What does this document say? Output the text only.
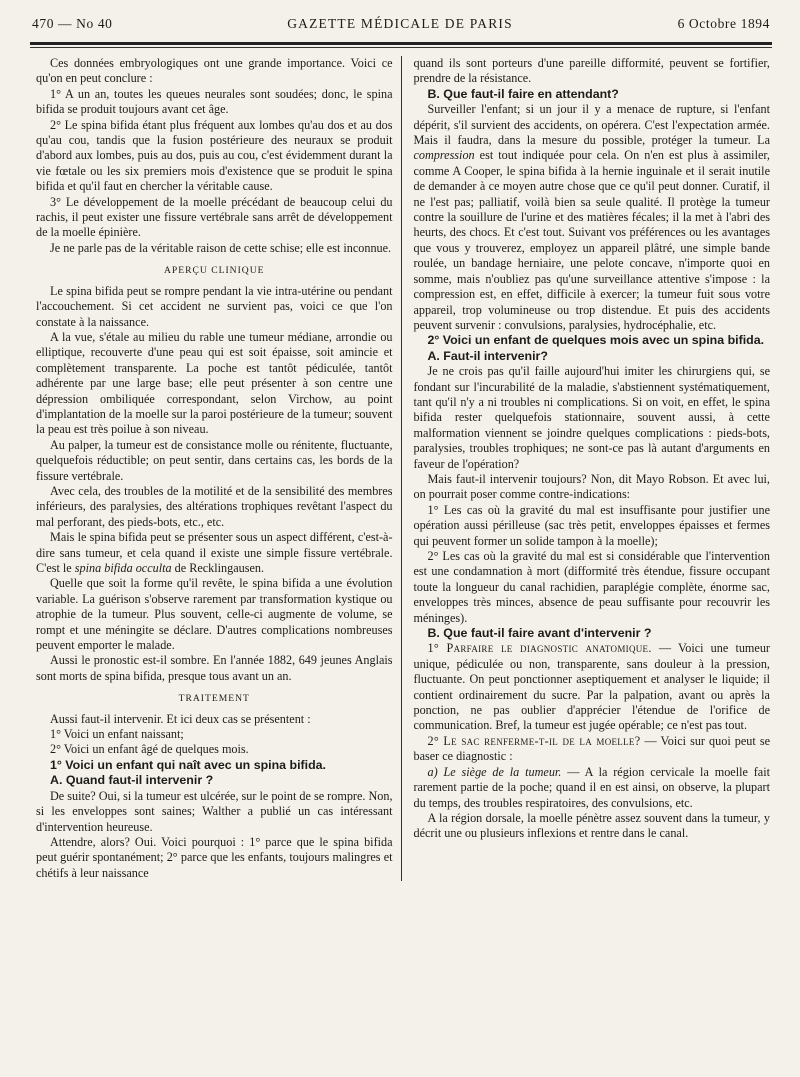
470 — No 40	GAZETTE MÉDICALE DE PARIS	6 Octobre 1894

Ces données embryologiques ont une grande importance. Voici ce qu'on en peut conclure :

1° A un an, toutes les queues neurales sont soudées; donc, le spina bifida se produit toujours avant cet âge.

2° Le spina bifida étant plus fréquent aux lombes qu'au dos et au dos qu'au cou, tandis que la fusion postérieure des neuraux se produit d'abord aux lombes, puis au dos, puis au cou, c'est évidemment durant la vie fœtale ou les six premiers mois d'existence que se produit le spina bifida et qu'il faut en chercher la véritable cause.

3° Le développement de la moelle précédant de beaucoup celui du rachis, il peut exister une fissure vertébrale sans arrêt de développement de la moelle épinière.

Je ne parle pas de la véritable raison de cette schise; elle est inconnue.

APERÇU CLINIQUE

Le spina bifida peut se rompre pendant la vie intra-utérine ou pendant l'accouchement. Si cet accident ne survient pas, voici ce que l'on constate à la naissance.

A la vue, s'étale au milieu du rable une tumeur médiane, arrondie ou elliptique, recouverte d'une peau qui est soit épaisse, soit amincie et complètement transparente. La poche est tantôt pédiculée, tantôt adhérente par une large base; elle peut présenter à son centre une dépression ombiliquée correspondant, selon Virchow, au point d'implantation de la moelle sur la paroi postérieure de la tumeur; souvent la peau est très poilue à son niveau.

Au palper, la tumeur est de consistance molle ou rénitente, fluctuante, quelquefois réductible; on peut sentir, dans certains cas, les bords de la fissure vertébrale.

Avec cela, des troubles de la motilité et de la sensibilité des membres inférieurs, des paralysies, des altérations trophiques revêtant l'aspect du mal perforant, des pieds-bots, etc., etc.

Mais le spina bifida peut se présenter sous un aspect différent, c'est-à-dire sans tumeur, et cela quand il existe une simple fissure vertébrale. C'est le spina bifida occulta de Recklingausen.

Quelle que soit la forme qu'il revête, le spina bifida a une évolution variable. La guérison s'observe rarement par transformation kystique ou atrophie de la tumeur. Plus souvent, celle-ci augmente de volume, se rompt et une méningite se déclare. D'autres complications nombreuses peuvent emporter le malade.

Aussi le pronostic est-il sombre. En l'année 1882, 649 jeunes Anglais sont morts de spina bifida, presque tous avant un an.

TRAITEMENT

Aussi faut-il intervenir. Et ici deux cas se présentent :

1° Voici un enfant naissant;

2° Voici un enfant âgé de quelques mois.

1° Voici un enfant qui naît avec un spina bifida.

A. Quand faut-il intervenir ?

De suite? Oui, si la tumeur est ulcérée, sur le point de se rompre. Non, si les enveloppes sont saines; Walther a publié un cas intéressant d'intervention heureuse.

Attendre, alors? Oui. Voici pourquoi : 1° parce que le spina bifida peut guérir spontanément; 2° parce que les enfants, toujours malingres et chétifs à leur naissance

quand ils sont porteurs d'une pareille difformité, peuvent se fortifier, prendre de la résistance.

B. Que faut-il faire en attendant?

Surveiller l'enfant; si un jour il y a menace de rupture, si l'enfant dépérit, s'il survient des accidents, on opérera. C'est l'expectation armée. Mais il faudra, dans la mesure du possible, protéger la tumeur. La compression est tout indiquée pour cela. On n'en est plus à assimiler, comme A Cooper, le spina bifida à la hernie inguinale et il serait inutile de demander à ce moyen autre chose que ce qu'il peut donner. Curatif, il ne l'est pas; palliatif, voilà bien sa seule qualité. Il protège la tumeur contre la souillure de l'urine et des matières fécales; il la met à l'abri des heurts, des chocs. Et c'est tout. Suivant vos préférences ou les avantages que vous y trouverez, employez un appareil plâtré, une simple bande roulée, un bandage herniaire, une pelote concave, n'importe quoi en somme, mais n'oubliez pas qu'une surveillance attentive s'impose : la compression est, en effet, difficile à exercer; la tumeur fuit sous votre appareil, trop volumineuse ou trop distendue. Et puis des accidents peuvent survenir : convulsions, paralysies, hydrocéphalie, etc.

2° Voici un enfant de quelques mois avec un spina bifida.

A. Faut-il intervenir?

Je ne crois pas qu'il faille aujourd'hui imiter les chirurgiens qui, se fondant sur l'incurabilité de la maladie, s'abstiennent systématiquement, tant qu'il n'y a ni troubles ni complications. Si on voit, en effet, le spina bifida rester quelquefois stationnaire, souvent aussi, à cette malformation viennent se joindre quelques complications : pieds-bots, paralysies, troubles trophiques; ne sont-ce pas là autant d'arguments en faveur de l'opération?

Mais faut-il intervenir toujours? Non, dit Mayo Robson. Et avec lui, on pourrait poser comme contre-indications:

1° Les cas où la gravité du mal est insuffisante pour justifier une opération aussi périlleuse (sac très petit, enveloppes épaisses et fermes qui peuvent former un solide tampon à la moelle);

2° Les cas où la gravité du mal est si considérable que l'intervention est une condamnation à mort (difformité très étendue, fissure occupant toute la longueur du canal rachidien, paraplégie complète, énorme sac, enveloppes très minces, absence de peau suffisante pour recouvrir les méninges).

B. Que faut-il faire avant d'intervenir ?

1° Parfaire le diagnostic anatomique. — Voici une tumeur unique, pédiculée ou non, transparente, sans douleur à la pression, fluctuante. On peut ponctionner aseptiquement et analyser le liquide; il contient ordinairement du sucre. Par la palpation, avant ou après la ponction, ne pas oublier d'apprécier l'étendue de l'orifice de communication. Bref, la tumeur est jugée opérable; ce n'est pas tout.

2° Le sac renferme-t-il de la moelle? — Voici sur quoi peut se baser ce diagnostic :

a) Le siège de la tumeur. — A la région cervicale la moelle fait rarement partie de la poche; quand il en est ainsi, on observe, la plupart du temps, des troubles respiratoires, des convulsions, etc.

A la région dorsale, la moelle pénètre assez souvent dans la tumeur, y décrit une ou plusieurs inflexions et rentre dans le canal.
